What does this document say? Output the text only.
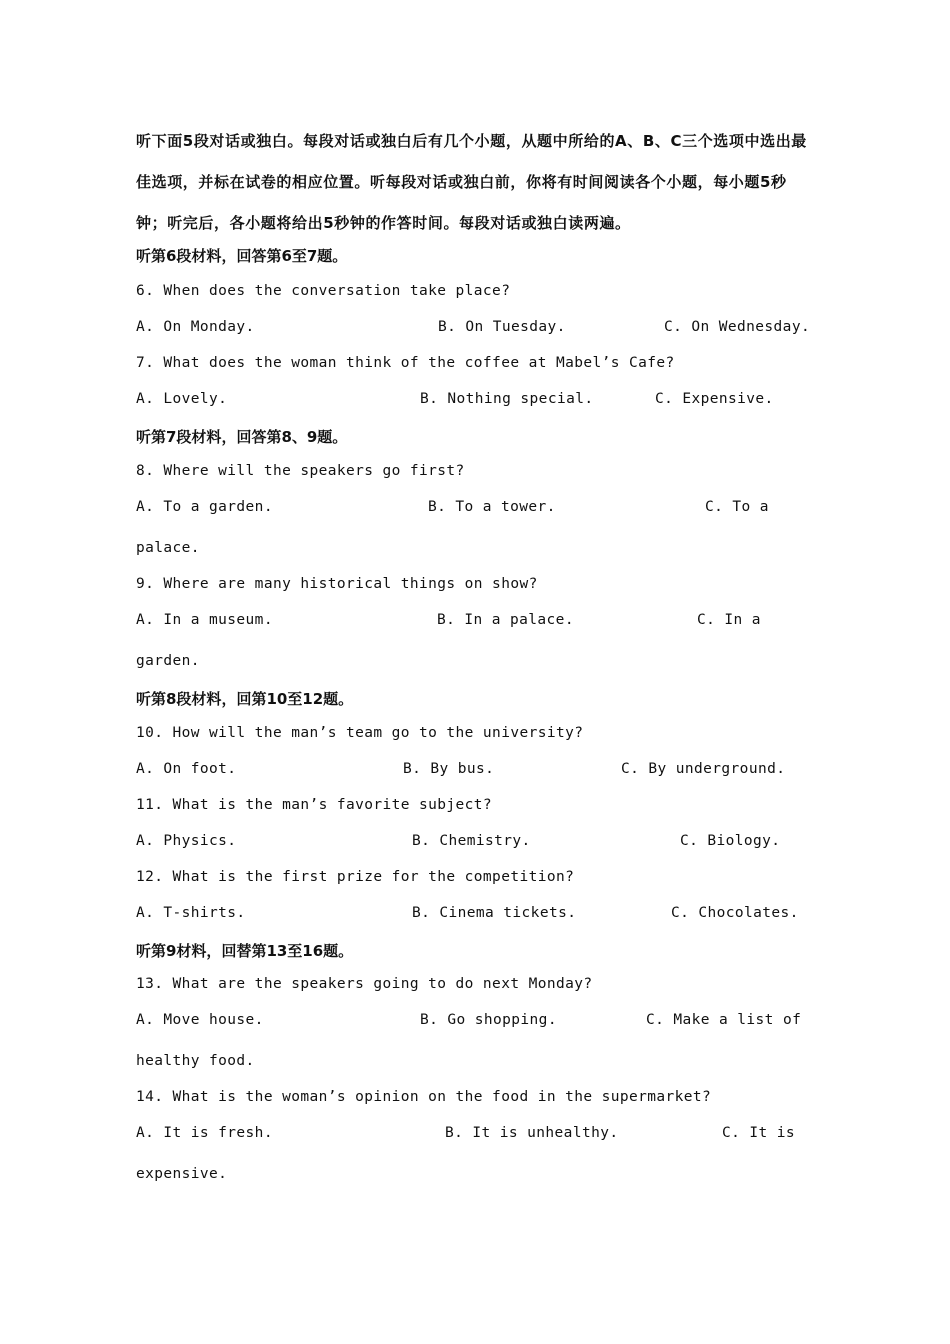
听下面5段对话或独白。每段对话或独白后有几个小题，从题中所给的A、B、C三个选项中选出最佳选项，并标在试卷的相应位置。听每段对话或独白前，你将有时间阅读各个小题，每小题5秒钟；听完后，各小题将给出5秒钟的作答时间。每段对话或独白读两遍。
听第6段材料，回答第6至7题。
6. When does the conversation take place?
A. On Monday.	B. On Tuesday.	C. On Wednesday.
7. What does the woman think of the coffee at Mabel’s Cafe?
A. Lovely.	B. Nothing special.	C. Expensive.
听第7段材料，回答第8、9题。
8. Where will the speakers go first?
A. To a garden.	B. To a tower.	C. To a
palace.
9. Where are many historical things on show?
A. In a museum.	B. In a palace.	C. In a
garden.
听第8段材料，回第10至12题。
10. How will the man’s team go to the university?
A. On foot.	B. By bus.	C. By underground.
11. What is the man’s favorite subject?
A. Physics.	B. Chemistry.	C. Biology.
12. What is the first prize for the competition?
A. T-shirts.	B. Cinema tickets.	C. Chocolates.
听第9材料，回替第13至16题。
13. What are the speakers going to do next Monday?
A. Move house.	B. Go shopping.	C. Make a list of
healthy food.
14. What is the woman’s opinion on the food in the supermarket?
A. It is fresh.	B. It is unhealthy.	C. It is
expensive.
